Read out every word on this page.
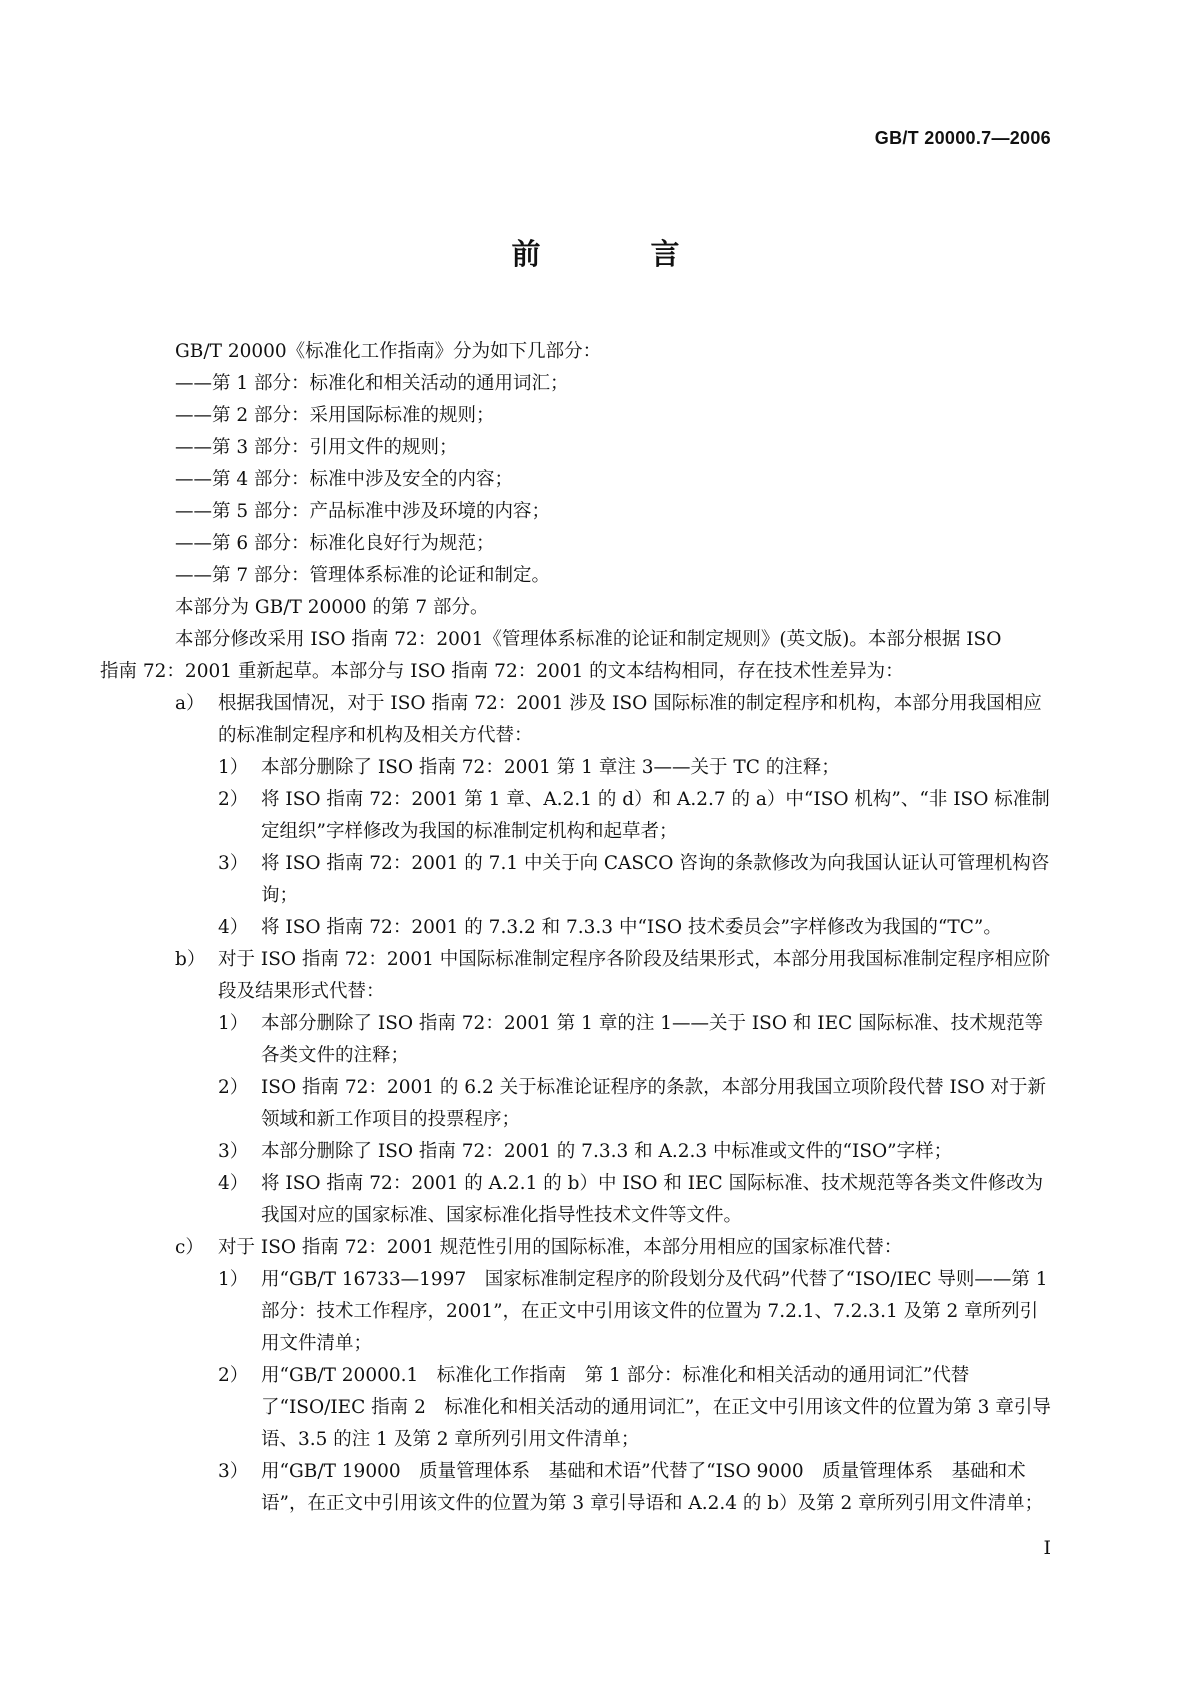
GB/T 20000.7—2006
前 言

GB/T 20000《标准化工作指南》分为如下几部分：

——第 1 部分：标准化和相关活动的通用词汇；

——第 2 部分：采用国际标准的规则；

——第 3 部分：引用文件的规则；

——第 4 部分：标准中涉及安全的内容；

——第 5 部分：产品标准中涉及环境的内容；

——第 6 部分：标准化良好行为规范；

——第 7 部分：管理体系标准的论证和制定。

本部分为 GB/T 20000 的第 7 部分。

本部分修改采用 ISO 指南 72：2001《管理体系标准的论证和制定规则》(英文版)。本部分根据 ISO

指南 72：2001 重新起草。本部分与 ISO 指南 72：2001 的文本结构相同，存在技术性差异为：

a） 根据我国情况，对于 ISO 指南 72：2001 涉及 ISO 国际标准的制定程序和机构，本部分用我国相应的标准制定程序和机构及相关方代替：
1） 本部分删除了 ISO 指南 72：2001 第 1 章注 3——关于 TC 的注释；
2） 将 ISO 指南 72：2001 第 1 章、A.2.1 的 d）和 A.2.7 的 a）中“ISO 机构”、“非 ISO 标准制定组织”字样修改为我国的标准制定机构和起草者；
3） 将 ISO 指南 72：2001 的 7.1 中关于向 CASCO 咨询的条款修改为向我国认证认可管理机构咨询；
4） 将 ISO 指南 72：2001 的 7.3.2 和 7.3.3 中“ISO 技术委员会”字样修改为我国的“TC”。
b） 对于 ISO 指南 72：2001 中国际标准制定程序各阶段及结果形式，本部分用我国标准制定程序相应阶段及结果形式代替：
1） 本部分删除了 ISO 指南 72：2001 第 1 章的注 1——关于 ISO 和 IEC 国际标准、技术规范等各类文件的注释；
2） ISO 指南 72：2001 的 6.2 关于标准论证程序的条款，本部分用我国立项阶段代替 ISO 对于新领域和新工作项目的投票程序；
3） 本部分删除了 ISO 指南 72：2001 的 7.3.3 和 A.2.3 中标准或文件的“ISO”字样；
4） 将 ISO 指南 72：2001 的 A.2.1 的 b）中 ISO 和 IEC 国际标准、技术规范等各类文件修改为我国对应的国家标准、国家标准化指导性技术文件等文件。
c） 对于 ISO 指南 72：2001 规范性引用的国际标准，本部分用相应的国家标准代替：
1） 用“GB/T 16733—1997　国家标准制定程序的阶段划分及代码”代替了“ISO/IEC 导则——第 1 部分：技术工作程序，2001”，在正文中引用该文件的位置为 7.2.1、7.2.3.1 及第 2 章所列引用文件清单；
2） 用“GB/T 20000.1　标准化工作指南　第 1 部分：标准化和相关活动的通用词汇”代替了“ISO/IEC 指南 2　标准化和相关活动的通用词汇”，在正文中引用该文件的位置为第 3 章引导语、3.5 的注 1 及第 2 章所列引用文件清单；
3） 用“GB/T 19000　质量管理体系　基础和术语”代替了“ISO 9000　质量管理体系　基础和术语”，在正文中引用该文件的位置为第 3 章引导语和 A.2.4 的 b）及第 2 章所列引用文件清单；
I
